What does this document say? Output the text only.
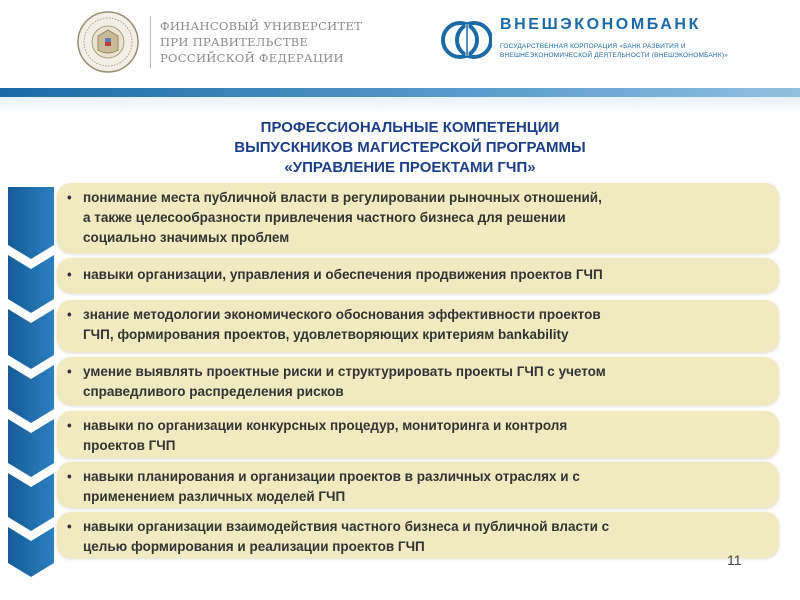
ФИНАНСОВЫЙ УНИВЕРСИТЕТ
ПРИ ПРАВИТЕЛЬСТВЕ
РОССИЙСКОЙ ФЕДЕРАЦИИ
ВНЕШЭКОНОМБАНК
ГОСУДАРСТВЕННАЯ КОРПОРАЦИЯ «БАНК РАЗВИТИЯ И
ВНЕШНЕЭКОНОМИЧЕСКОЙ ДЕЯТЕЛЬНОСТИ (ВНЕШЭКОНОМБАНК)»
ПРОФЕССИОНАЛЬНЫЕ КОМПЕТЕНЦИИ
ВЫПУСКНИКОВ МАГИСТЕРСКОЙ ПРОГРАММЫ
«УПРАВЛЕНИЕ ПРОЕКТАМИ ГЧП»
• понимание места публичной власти в регулировании рыночных отношений,
а также целесообразности привлечения частного бизнеса для решении
социально значимых проблем
• навыки организации, управления и обеспечения продвижения проектов ГЧП
• знание методологии экономического обоснования эффективности проектов
ГЧП, формирования проектов, удовлетворяющих критериям bankability
• умение выявлять проектные риски и структурировать проекты ГЧП с учетом
справедливого распределения рисков
• навыки по организации конкурсных процедур, мониторинга и контроля
проектов ГЧП
• навыки планирования и организации проектов в различных отраслях и с
применением различных моделей ГЧП
• навыки организации взаимодействия частного бизнеса и публичной власти с
целью формирования и реализации проектов ГЧП
11
